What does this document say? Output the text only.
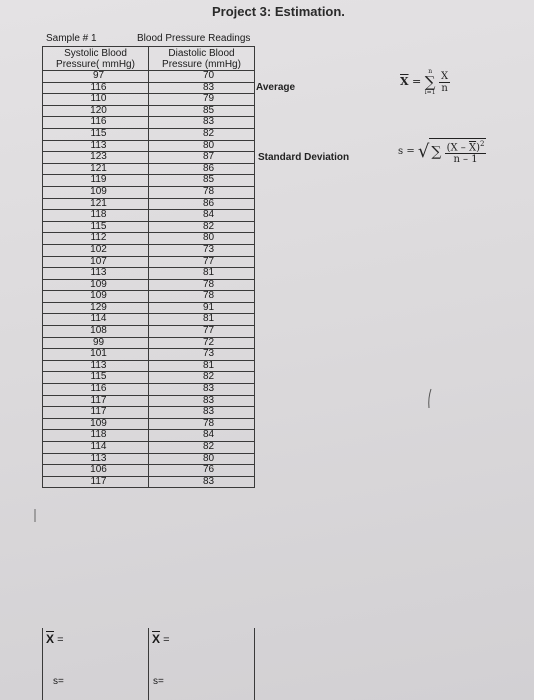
Project 3: Estimation.
Sample # 1	Blood Pressure Readings
Systolic Blood
Pressure( mmHg)	Diastolic Blood
Pressure (mmHg)
97	70
116	83
110	79
120	85
116	83
115	82
113	80
123	87
121	86
119	85
109	78
121	86
118	84
115	82
112	80
102	73
107	77
113	81
109	78
109	78
129	91
114	81
108	77
99	72
101	73
113	81
115	82
116	83
117	83
117	83
109	78
118	84
114	82
113	80
106	76
117	83
$\overline{X}$ =	$\overline{X}$ =
s=	s=
Average
Standard Deviation
$\overline{X}$ =
n
∑
i=1
$\frac{X}{n}$
s = √ ∑ $\frac{(X - \overline{X})^2}{n - 1}$
